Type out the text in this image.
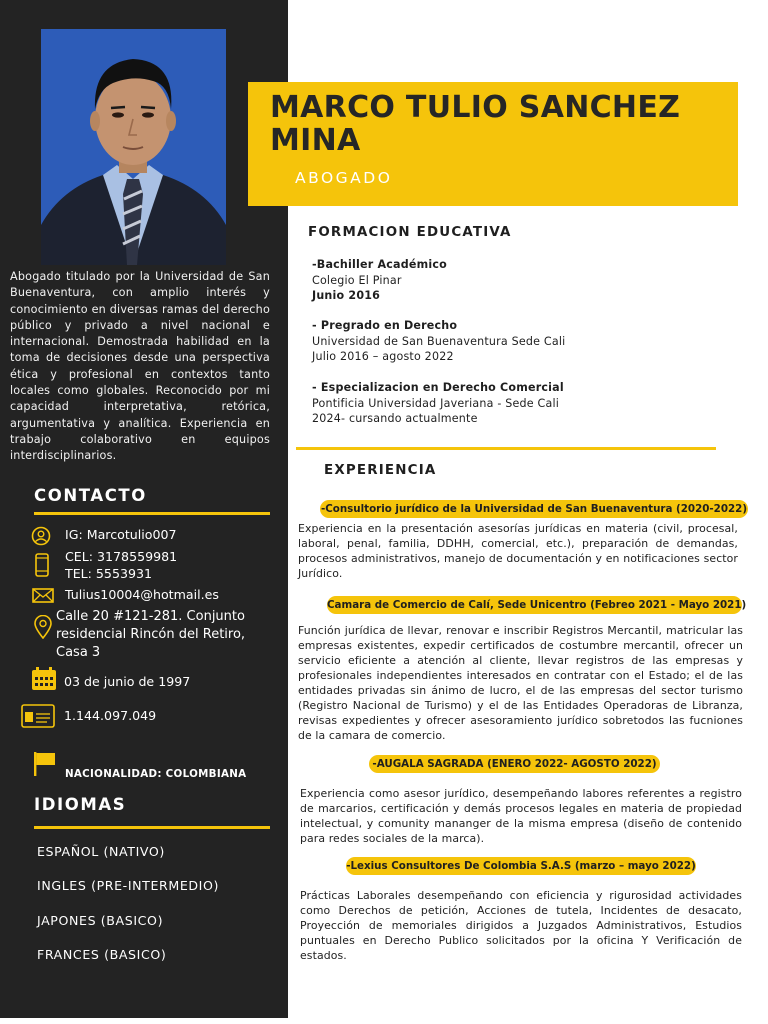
Abogado titulado por la Universidad de San Buenaventura, con amplio interés y conocimiento en diversas ramas del derecho público y privado a nivel nacional e internacional. Demostrada habilidad en la toma de decisiones desde una perspectiva ética y profesional en contextos tanto locales como globales. Reconocido por mi capacidad interpretativa, retórica, argumentativa y analítica. Experiencia en trabajo colaborativo en equipos interdisciplinarios.
CONTACTO
IG: Marcotulio007
CEL: 3178559981
TEL: 5553931
Tulius10004@hotmail.es
Calle 20 #121-281. Conjunto residencial Rincón del Retiro, Casa 3
03 de junio de 1997
1.144.097.049
NACIONALIDAD: COLOMBIANA
IDIOMAS
ESPAÑOL (NATIVO)
INGLES (PRE-INTERMEDIO)
JAPONES (BASICO)
FRANCES (BASICO)
MARCO TULIO SANCHEZ
MINA
ABOGADO
FORMACION EDUCATIVA
-Bachiller Académico
Colegio El Pinar
Junio 2016
- Pregrado en Derecho
Universidad de San Buenaventura Sede Cali
Julio 2016 – agosto 2022
- Especializacion en Derecho Comercial
Pontificia Universidad Javeriana - Sede Cali
2024- cursando actualmente
EXPERIENCIA
-Consultorio jurídico de la Universidad de San Buenaventura (2020-2022)
Experiencia en la presentación asesorías jurídicas en materia (civil, procesal, laboral, penal, familia, DDHH, comercial, etc.), preparación de demandas, procesos administrativos, manejo de documentación y en notificaciones sector Jurídico.
Camara de Comercio de Calí, Sede Unicentro (Febreo 2021 - Mayo 2021)
Función jurídica de llevar, renovar e inscribir Registros Mercantil, matricular las empresas existentes, expedir certificados de costumbre mercantil, ofrecer un servicio eficiente a atención al cliente, llevar registros de las empresas y profesionales independientes interesados en contratar con el Estado; el de las entidades privadas sin ánimo de lucro, el de las empresas del sector turismo (Registro Nacional de Turismo) y el de las Entidades Operadoras de Libranza, revisas expedientes y ofrecer asesoramiento jurídico sobretodos las fucniones de la camara de comercio.
-AUGALA SAGRADA (ENERO 2022- AGOSTO 2022)
Experiencia como asesor jurídico, desempeñando labores referentes a registro de marcarios, certificación y demás procesos legales en materia de propiedad intelectual, y comunity mananger de la misma empresa (diseño de contenido para redes sociales de la marca).
-Lexius Consultores De Colombia S.A.S (marzo – mayo 2022)
Prácticas Laborales desempeñando con eficiencia y rigurosidad actividades como Derechos de petición, Acciones de tutela, Incidentes de desacato, Proyección de memoriales dirigidos a Juzgados Administrativos, Estudios puntuales en Derecho Publico solicitados por la oficina Y Verificación de estados.
